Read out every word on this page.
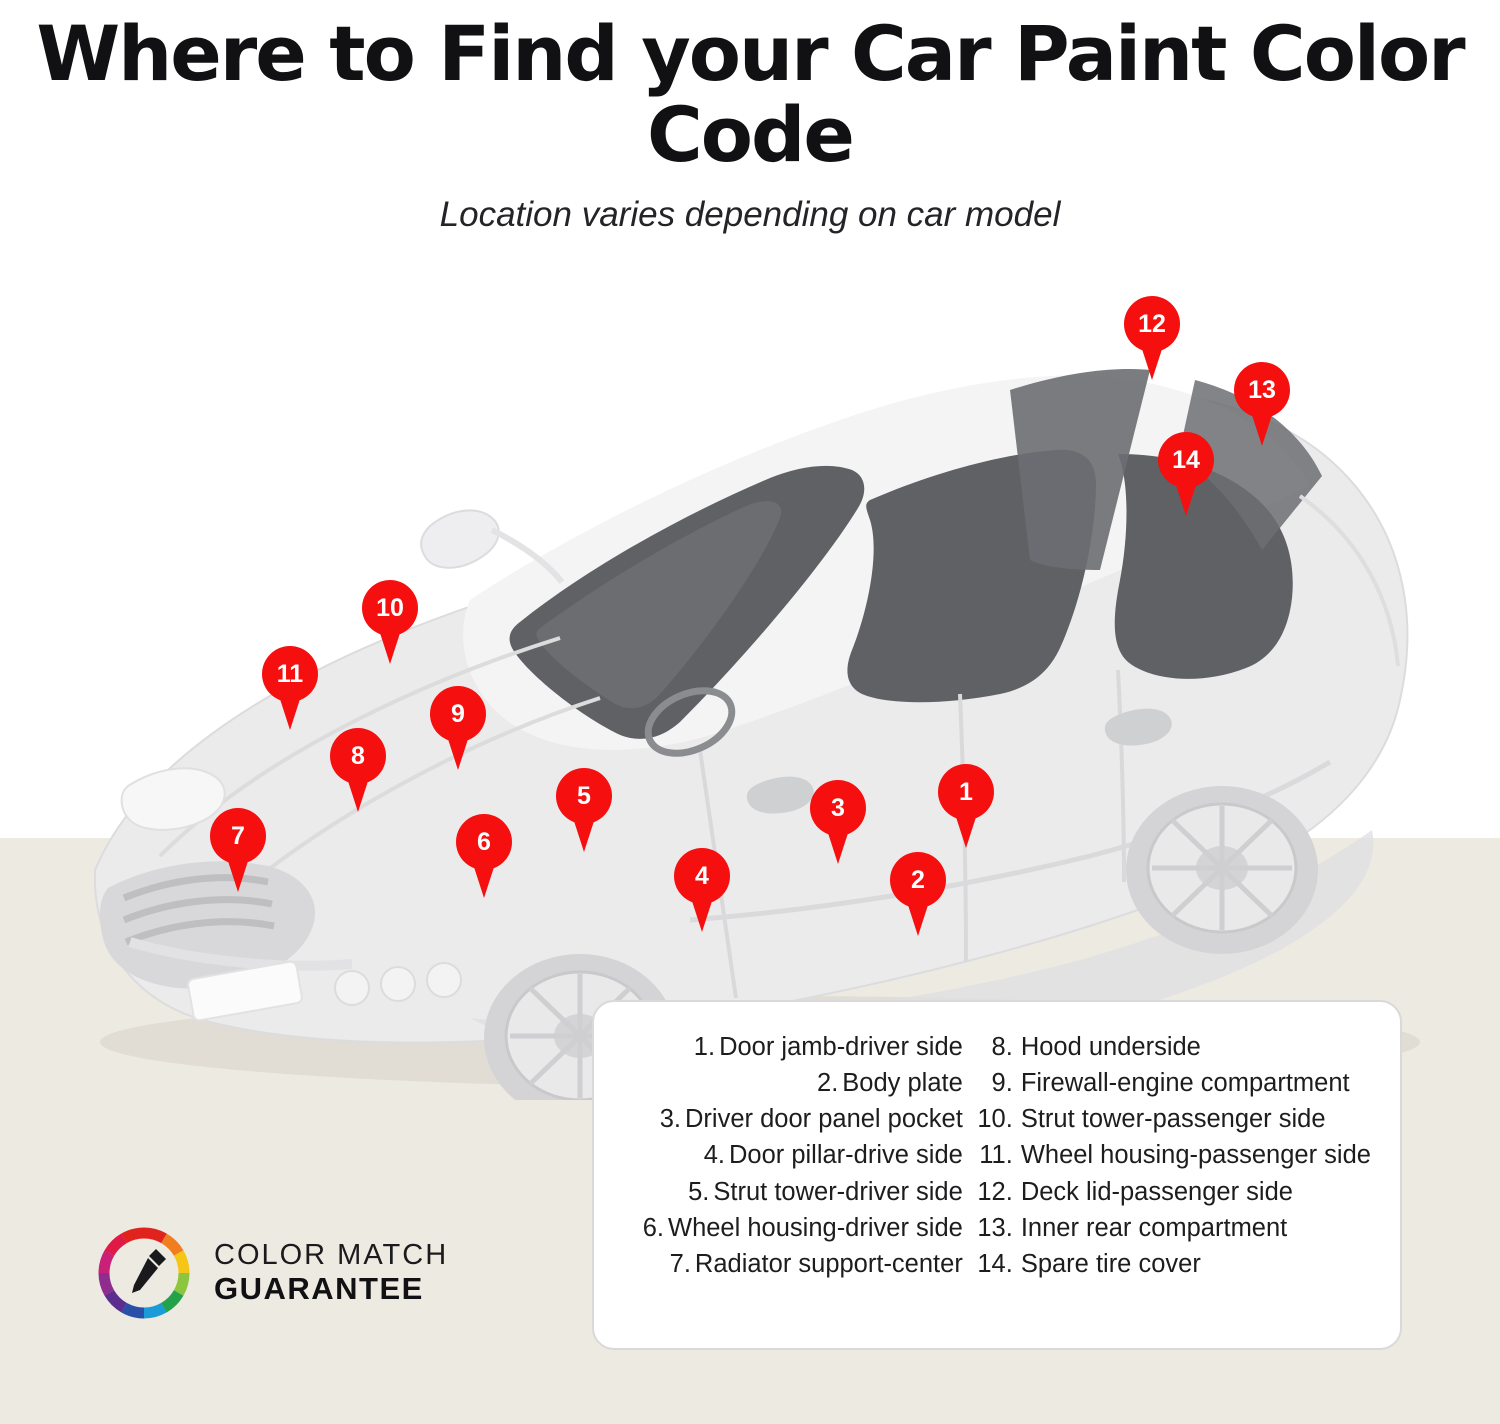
Where to Find your Car Paint Color Code
Location varies depending on car model
12
13
14
10
11
9
8
5	1
3
7	6
4	2
1. Door jamb-driver side
2. Body plate
3. Driver door panel pocket
4. Door pillar-drive side
5. Strut tower-driver side
6. Wheel housing-driver side
7. Radiator support-center
8. Hood underside
9. Firewall-engine compartment
10. Strut tower-passenger side
11. Wheel housing-passenger side
12. Deck lid-passenger side
13. Inner rear compartment
14. Spare tire cover
COLOR MATCH
GUARANTEE
